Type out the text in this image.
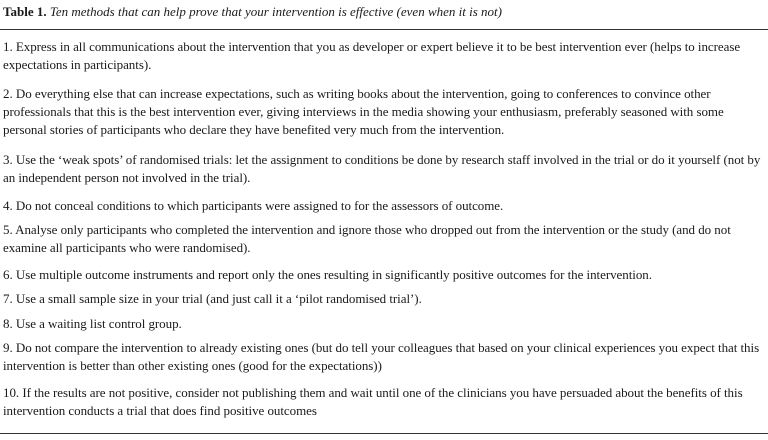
Table 1. Ten methods that can help prove that your intervention is effective (even when it is not)
1. Express in all communications about the intervention that you as developer or expert believe it to be best intervention ever (helps to increase expectations in participants).
2. Do everything else that can increase expectations, such as writing books about the intervention, going to conferences to convince other professionals that this is the best intervention ever, giving interviews in the media showing your enthusiasm, preferably seasoned with some personal stories of participants who declare they have benefited very much from the intervention.
3. Use the ‘weak spots’ of randomised trials: let the assignment to conditions be done by research staff involved in the trial or do it yourself (not by an independent person not involved in the trial).
4. Do not conceal conditions to which participants were assigned to for the assessors of outcome.
5. Analyse only participants who completed the intervention and ignore those who dropped out from the intervention or the study (and do not examine all participants who were randomised).
6. Use multiple outcome instruments and report only the ones resulting in significantly positive outcomes for the intervention.
7. Use a small sample size in your trial (and just call it a ‘pilot randomised trial’).
8. Use a waiting list control group.
9. Do not compare the intervention to already existing ones (but do tell your colleagues that based on your clinical experiences you expect that this intervention is better than other existing ones (good for the expectations))
10. If the results are not positive, consider not publishing them and wait until one of the clinicians you have persuaded about the benefits of this intervention conducts a trial that does find positive outcomes
